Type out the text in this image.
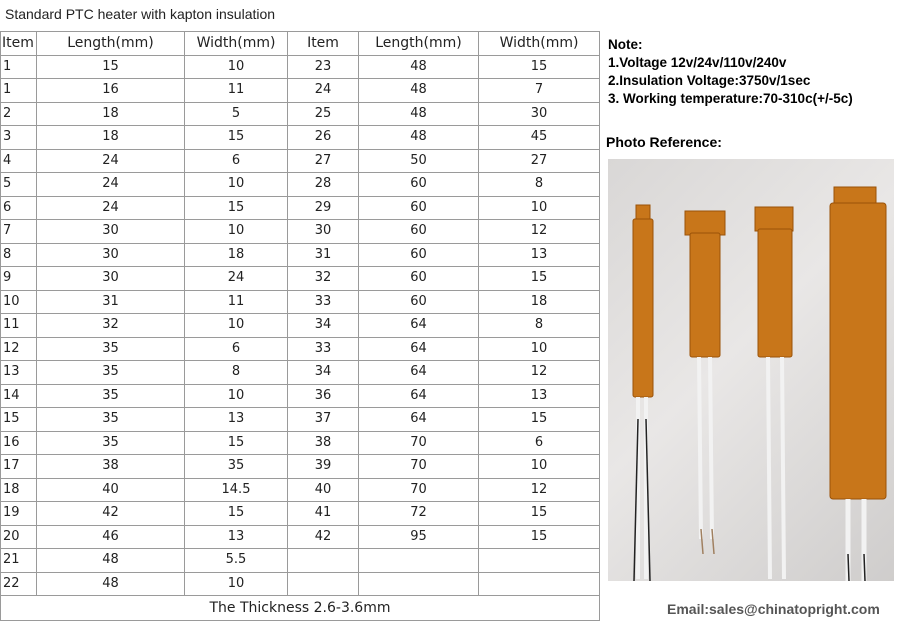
Standard PTC heater with kapton insulation
Item	Length(mm)	Width(mm)	Item	Length(mm)	Width(mm)
1	15	10	23	48	15
1	16	11	24	48	7
2	18	5	25	48	30
3	18	15	26	48	45
4	24	6	27	50	27
5	24	10	28	60	8
6	24	15	29	60	10
7	30	10	30	60	12
8	30	18	31	60	13
9	30	24	32	60	15
10	31	11	33	60	18
11	32	10	34	64	8
12	35	6	33	64	10
13	35	8	34	64	12
14	35	10	36	64	13
15	35	13	37	64	15
16	35	15	38	70	6
17	38	35	39	70	10
18	40	14.5	40	70	12
19	42	15	41	72	15
20	46	13	42	95	15
21	48	5.5			
22	48	10			
The Thickness 2.6-3.6mm					
Note:
1.Voltage 12v/24v/110v/240v
2.Insulation Voltage:3750v/1sec
3. Working temperature:70-310c(+/-5c)
Photo Reference:
Email:sales@chinatopright.com
